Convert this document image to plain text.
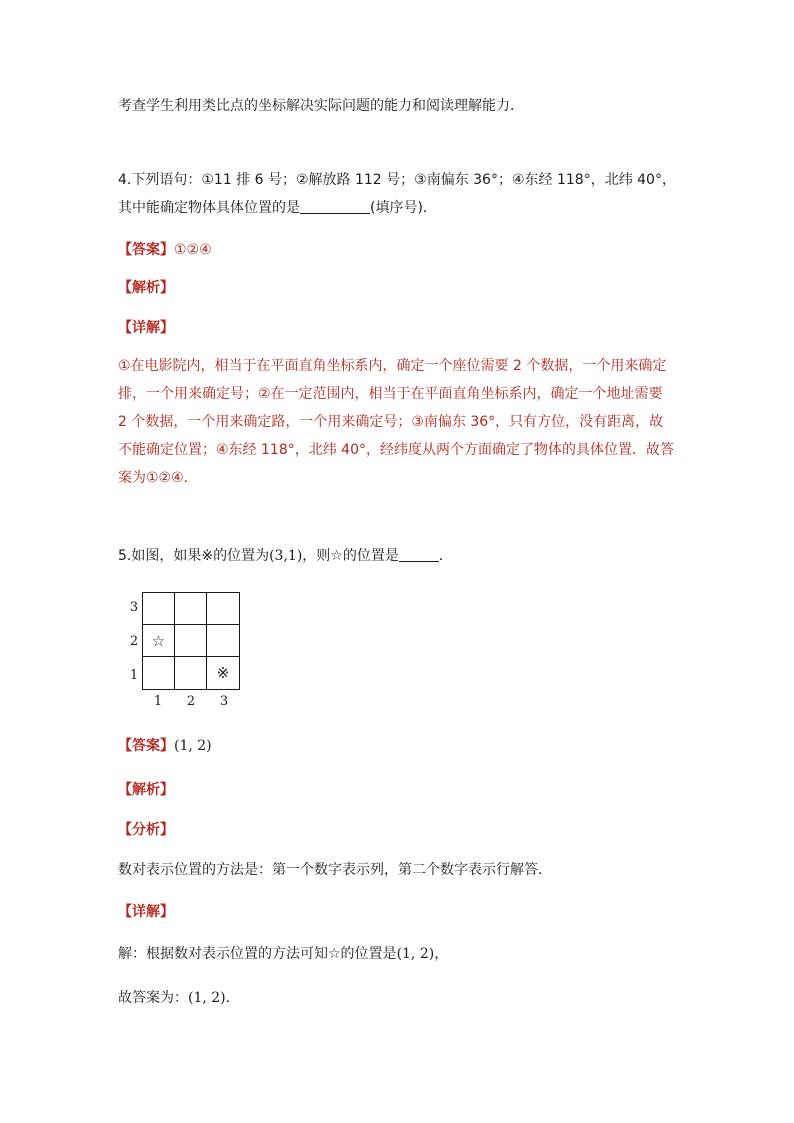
考查学生利用类比点的坐标解决实际问题的能力和阅读理解能力．
4.下列语句：①11 排 6 号；②解放路 112 号；③南偏东 36°；④东经 118°，北纬 40°，
其中能确定物体具体位置的是	(填序号)．
【答案】①②④
【解析】
【详解】
①在电影院内，相当于在平面直角坐标系内，确定一个座位需要 2 个数据，一个用来确定
排，一个用来确定号；②在一定范围内，相当于在平面直角坐标系内，确定一个地址需要
2 个数据，一个用来确定路，一个用来确定号；③南偏东 36°，只有方位，没有距离，故
不能确定位置；④东经 118°，北纬 40°，经纬度从两个方面确定了物体的具体位置．故答
案为①②④．
5.如图，如果※的位置为(3,1)，则☆的位置是	．
3
2
1
☆
※
1	2	3
【答案】(1, 2)
【解析】
【分析】
数对表示位置的方法是：第一个数字表示列，第二个数字表示行解答．
【详解】
解：根据数对表示位置的方法可知☆的位置是(1, 2)，
故答案为：(1, 2)．
